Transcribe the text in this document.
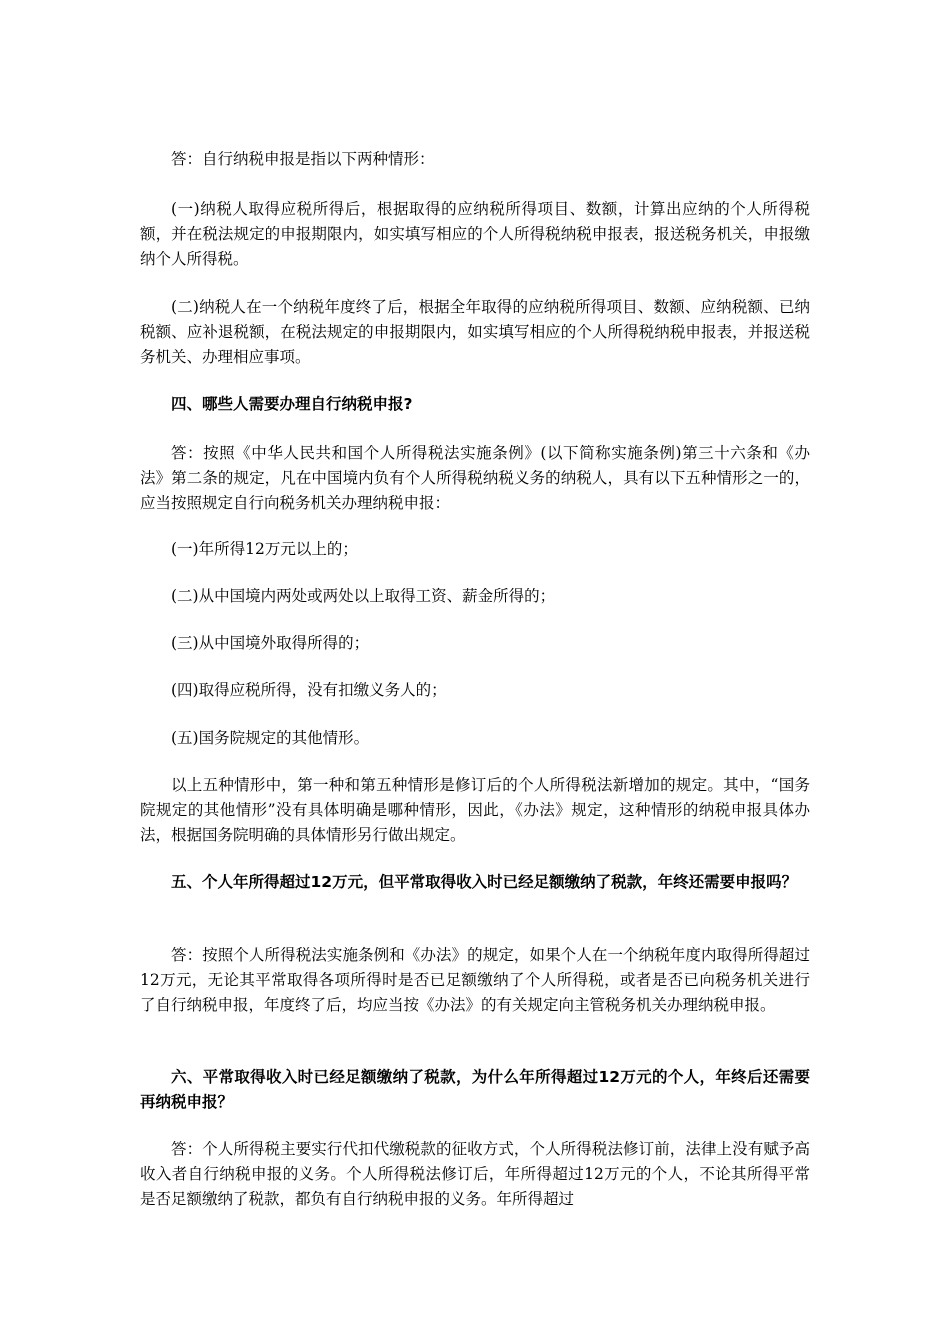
答：自行纳税申报是指以下两种情形：

(一)纳税人取得应税所得后，根据取得的应纳税所得项目、数额，计算出应纳的个人所得税额，并在税法规定的申报期限内，如实填写相应的个人所得税纳税申报表，报送税务机关，申报缴纳个人所得税。

(二)纳税人在一个纳税年度终了后，根据全年取得的应纳税所得项目、数额、应纳税额、已纳税额、应补退税额，在税法规定的申报期限内，如实填写相应的个人所得税纳税申报表，并报送税务机关、办理相应事项。

四、哪些人需要办理自行纳税申报?

答：按照《中华人民共和国个人所得税法实施条例》(以下简称实施条例)第三十六条和《办法》第二条的规定，凡在中国境内负有个人所得税纳税义务的纳税人，具有以下五种情形之一的，应当按照规定自行向税务机关办理纳税申报：

(一)年所得12万元以上的；

(二)从中国境内两处或两处以上取得工资、薪金所得的；

(三)从中国境外取得所得的；

(四)取得应税所得，没有扣缴义务人的；

(五)国务院规定的其他情形。

以上五种情形中，第一种和第五种情形是修订后的个人所得税法新增加的规定。其中，“国务院规定的其他情形”没有具体明确是哪种情形，因此，《办法》规定，这种情形的纳税申报具体办法，根据国务院明确的具体情形另行做出规定。

五、个人年所得超过12万元，但平常取得收入时已经足额缴纳了税款，年终还需要申报吗？

答：按照个人所得税法实施条例和《办法》的规定，如果个人在一个纳税年度内取得所得超过12万元，无论其平常取得各项所得时是否已足额缴纳了个人所得税，或者是否已向税务机关进行了自行纳税申报，年度终了后，均应当按《办法》的有关规定向主管税务机关办理纳税申报。

六、平常取得收入时已经足额缴纳了税款，为什么年所得超过12万元的个人，年终后还需要再纳税申报？

答：个人所得税主要实行代扣代缴税款的征收方式，个人所得税法修订前，法律上没有赋予高收入者自行纳税申报的义务。个人所得税法修订后，年所得超过12万元的个人，不论其所得平常是否足额缴纳了税款，都负有自行纳税申报的义务。年所得超过
